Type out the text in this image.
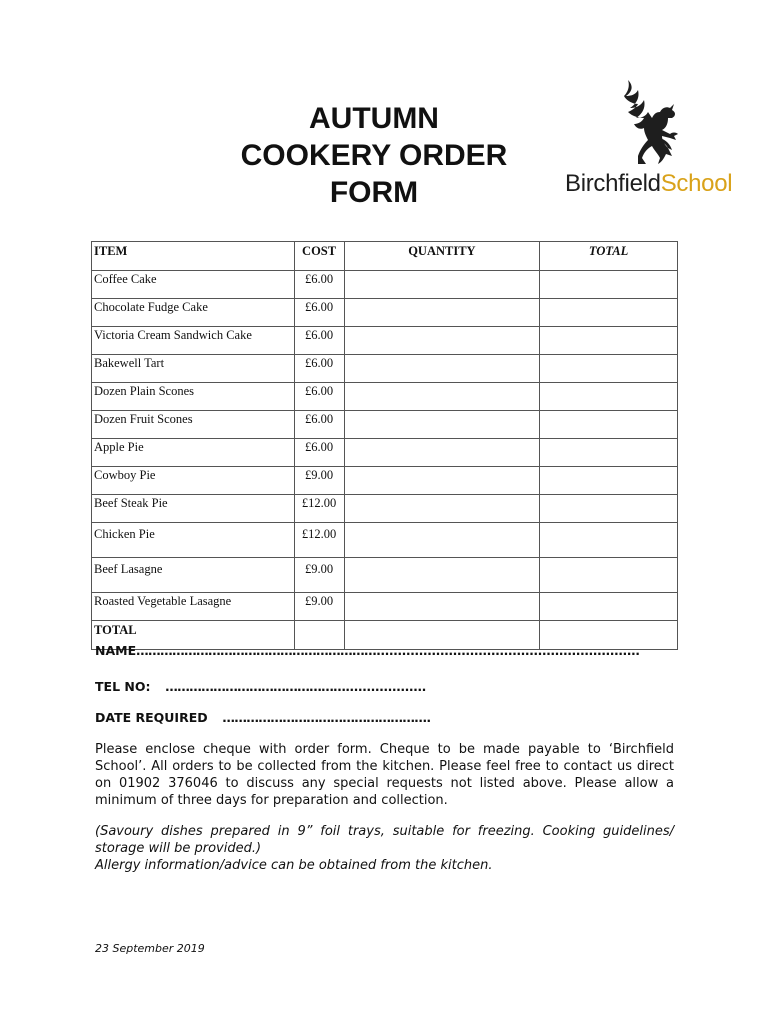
AUTUMN
COOKERY ORDER
FORM	BirchfieldSchool
ITEM	COST	QUANTITY	TOTAL
Coffee Cake	£6.00		
Chocolate Fudge Cake	£6.00		
Victoria Cream Sandwich Cake	£6.00		
Bakewell Tart	£6.00		
Dozen Plain Scones	£6.00		
Dozen Fruit Scones	£6.00		
Apple Pie	£6.00		
Cowboy Pie	£9.00		
Beef Steak Pie	£12.00		
Chicken Pie	£12.00		
Beef Lasagne	£9.00		
Roasted Vegetable Lasagne	£9.00		
TOTAL			
NAME……………………………………………………..............................................................
TEL NO: ………………………………………...................
DATE REQUIRED …………………………………………….
Please enclose cheque with order form. Cheque to be made payable to ‘Birchfield School’. All orders to be collected from the kitchen. Please feel free to contact us direct on 01902 376046 to discuss any special requests not listed above. Please allow a minimum of three days for preparation and collection.
(Savoury dishes prepared in 9” foil trays, suitable for freezing. Cooking guidelines/ storage will be provided.)
Allergy information/advice can be obtained from the kitchen.
23 September 2019
